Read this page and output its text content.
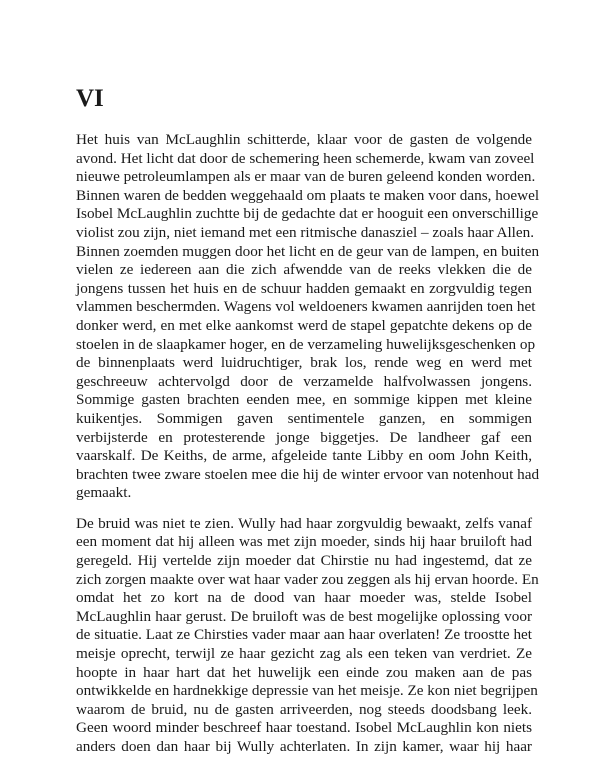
VI
Het huis van McLaughlin schitterde, klaar voor de gasten de volgende
avond. Het licht dat door de schemering heen schemerde, kwam van zoveel
nieuwe petroleumlampen als er maar van de buren geleend konden worden.
Binnen waren de bedden weggehaald om plaats te maken voor dans, hoewel
Isobel McLaughlin zuchtte bij de gedachte dat er hooguit een onverschillige
violist zou zijn, niet iemand met een ritmische danasziel – zoals haar Allen.
Binnen zoemden muggen door het licht en de geur van de lampen, en buiten
vielen ze iedereen aan die zich afwendde van de reeks vlekken die de
jongens tussen het huis en de schuur hadden gemaakt en zorgvuldig tegen
vlammen beschermden. Wagens vol weldoeners kwamen aanrijden toen het
donker werd, en met elke aankomst werd de stapel gepatchte dekens op de
stoelen in de slaapkamer hoger, en de verzameling huwelijksgeschenken op
de binnenplaats werd luidruchtiger, brak los, rende weg en werd met
geschreeuw achtervolgd door de verzamelde halfvolwassen jongens.
Sommige gasten brachten eenden mee, en sommige kippen met kleine
kuikentjes. Sommigen gaven sentimentele ganzen, en sommigen
verbijsterde en protesterende jonge biggetjes. De landheer gaf een
vaarskalf. De Keiths, de arme, afgeleide tante Libby en oom John Keith,
brachten twee zware stoelen mee die hij de winter ervoor van notenhout had
gemaakt.
De bruid was niet te zien. Wully had haar zorgvuldig bewaakt, zelfs vanaf
een moment dat hij alleen was met zijn moeder, sinds hij haar bruiloft had
geregeld. Hij vertelde zijn moeder dat Chirstie nu had ingestemd, dat ze
zich zorgen maakte over wat haar vader zou zeggen als hij ervan hoorde. En
omdat het zo kort na de dood van haar moeder was, stelde Isobel
McLaughlin haar gerust. De bruiloft was de best mogelijke oplossing voor
de situatie. Laat ze Chirsties vader maar aan haar overlaten! Ze troostte het
meisje oprecht, terwijl ze haar gezicht zag als een teken van verdriet. Ze
hoopte in haar hart dat het huwelijk een einde zou maken aan de pas
ontwikkelde en hardnekkige depressie van het meisje. Ze kon niet begrijpen
waarom de bruid, nu de gasten arriveerden, nog steeds doodsbang leek.
Geen woord minder beschreef haar toestand. Isobel McLaughlin kon niets
anders doen dan haar bij Wully achterlaten. In zijn kamer, waar hij haar
